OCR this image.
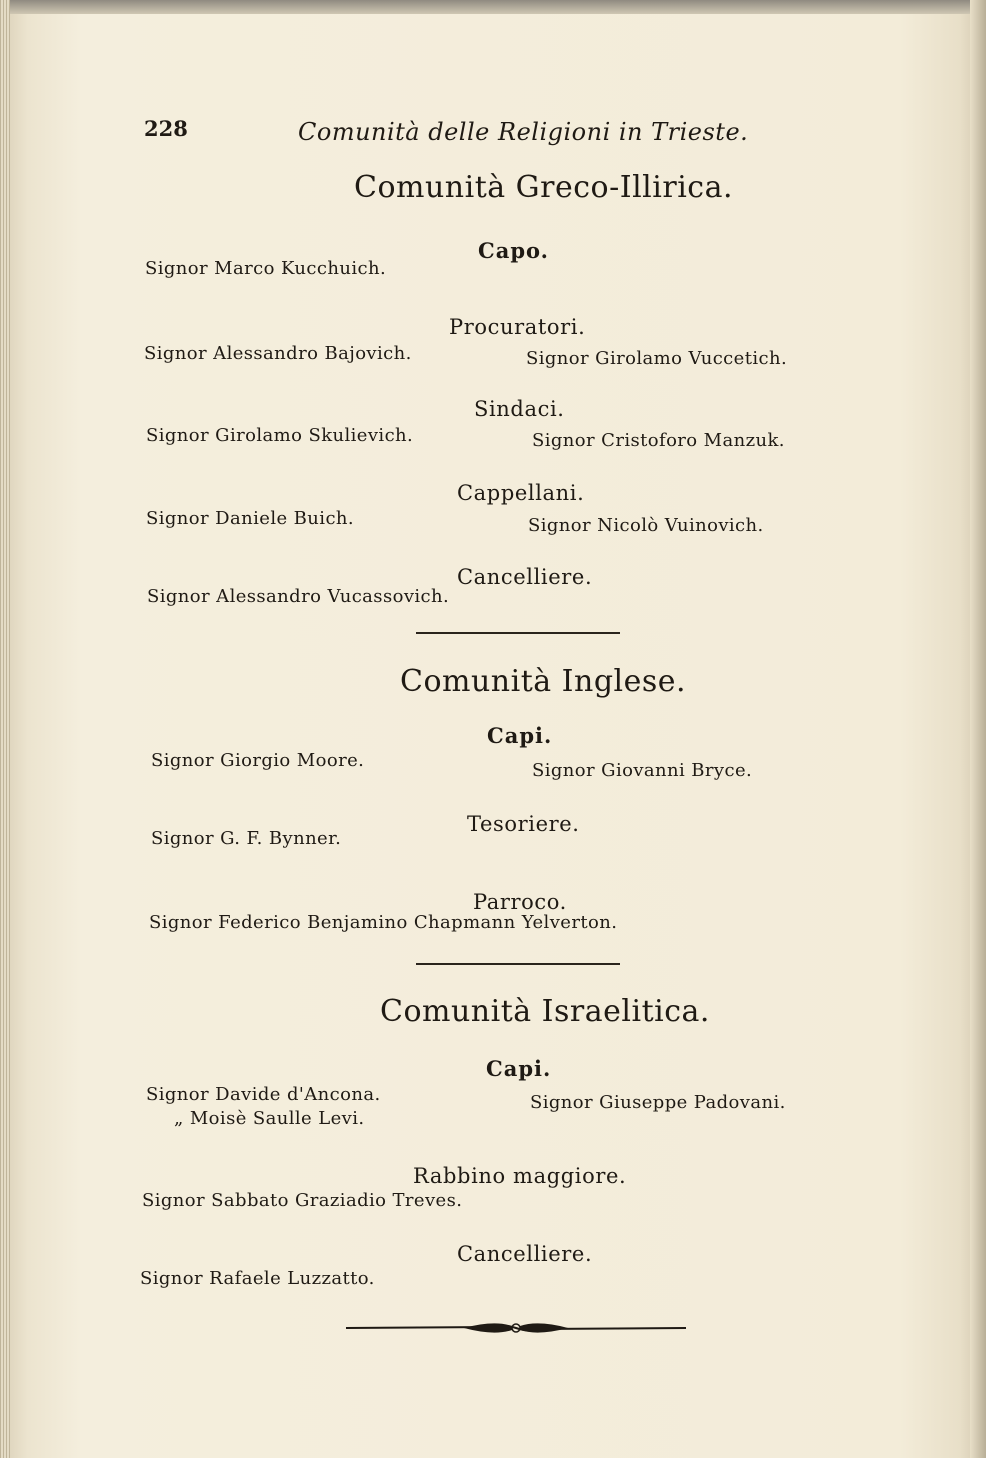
228	Comunità delle Religioni in Trieste.
Comunità Greco-Illirica.
Capo.
Signor Marco Kucchuich.
Procuratori.
Signor Alessandro Bajovich.	Signor Girolamo Vuccetich.
Sindaci.
Signor Girolamo Skulievich.	Signor Cristoforo Manzuk.
Cappellani.
Signor Daniele Buich.	Signor Nicolò Vuinovich.
Cancelliere.
Signor Alessandro Vucassovich.
Comunità Inglese.
Capi.
Signor Giorgio Moore.	Signor Giovanni Bryce.
Tesoriere.
Signor G. F. Bynner.
Parroco.
Signor Federico Benjamino Chapmann Yelverton.
Comunità Israelitica.
Capi.
Signor Davide d'Ancona.
„ Moisè Saulle Levi.
Signor Giuseppe Padovani.
Rabbino maggiore.
Signor Sabbato Graziadio Treves.
Cancelliere.
Signor Rafaele Luzzatto.
